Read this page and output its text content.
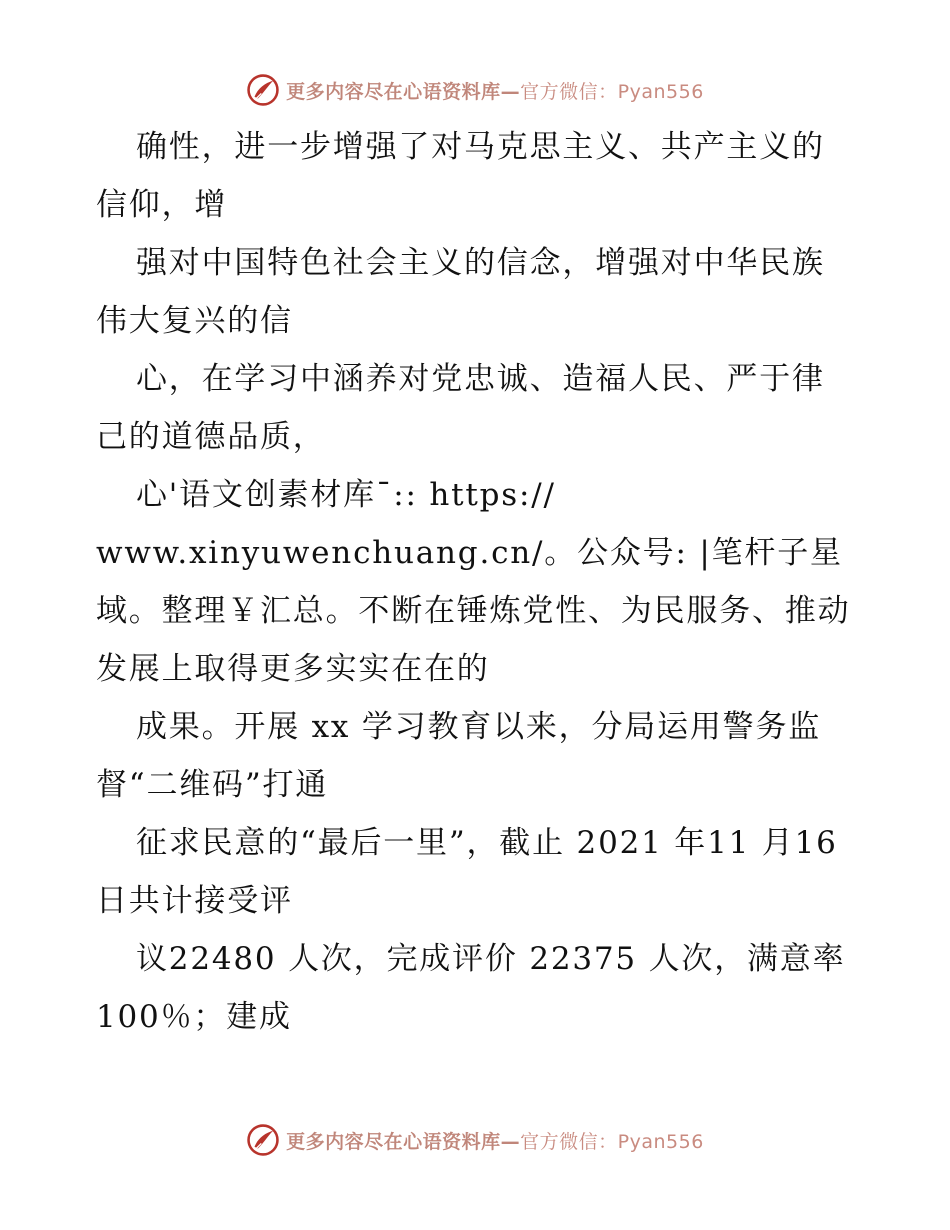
更多内容尽在心语资料库—官方微信：Pyan556

确性，进一步增强了对马克思主义、共产主义的信仰，增

强对中国特色社会主义的信念，增强对中华民族伟大复兴的信

心，在学习中涵养对党忠诚、造福人民、严于律己的道德品质，

心'语文创素材库¯:: https://

www.xinyuwenchuang.cn/。公众号: |笔杆子星域。整理￥汇总。不断在锤炼党性、为民服务、推动发展上取得更多实实在在的

成果。开展 xx 学习教育以来，分局运用警务监督“二维码”打通

征求民意的“最后一里”，截止 2021 年11 月16 日共计接受评

议22480 人次，完成评价 22375 人次，满意率100％；建成

更多内容尽在心语资料库—官方微信：Pyan556
